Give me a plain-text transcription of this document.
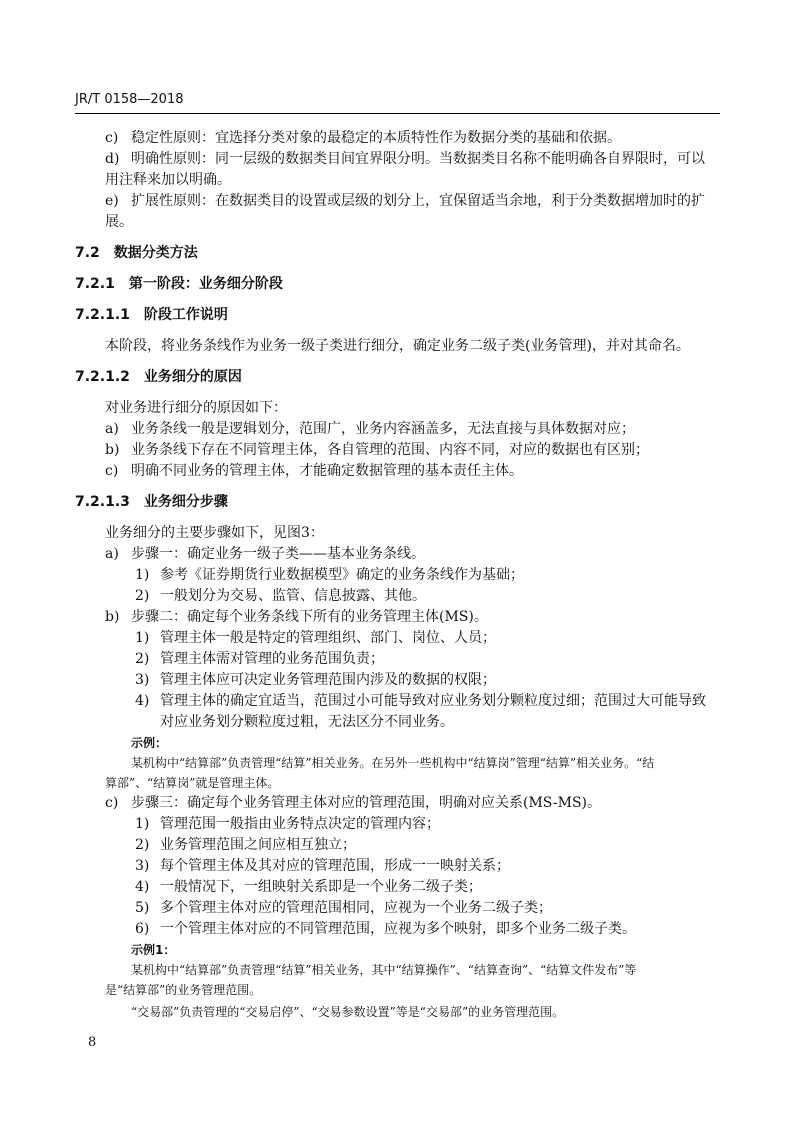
JR/T 0158—2018
c) 稳定性原则：宜选择分类对象的最稳定的本质特性作为数据分类的基础和依据。
d) 明确性原则：同一层级的数据类目间宜界限分明。当数据类目名称不能明确各自界限时，可以
用注释来加以明确。
e) 扩展性原则：在数据类目的设置或层级的划分上，宜保留适当余地，利于分类数据增加时的扩
展。
7.2 数据分类方法
7.2.1 第一阶段：业务细分阶段
7.2.1.1 阶段工作说明
本阶段，将业务条线作为业务一级子类进行细分，确定业务二级子类(业务管理)，并对其命名。
7.2.1.2 业务细分的原因
对业务进行细分的原因如下：
a) 业务条线一般是逻辑划分，范围广，业务内容涵盖多，无法直接与具体数据对应；
b) 业务条线下存在不同管理主体，各自管理的范围、内容不同，对应的数据也有区别；
c) 明确不同业务的管理主体，才能确定数据管理的基本责任主体。
7.2.1.3 业务细分步骤
业务细分的主要步骤如下，见图3：
a) 步骤一：确定业务一级子类——基本业务条线。
1) 参考《证券期货行业数据模型》确定的业务条线作为基础；
2) 一般划分为交易、监管、信息披露、其他。
b) 步骤二：确定每个业务条线下所有的业务管理主体(MS)。
1) 管理主体一般是特定的管理组织、部门、岗位、人员；
2) 管理主体需对管理的业务范围负责；
3) 管理主体应可决定业务管理范围内涉及的数据的权限；
4) 管理主体的确定宜适当，范围过小可能导致对应业务划分颗粒度过细；范围过大可能导致
对应业务划分颗粒度过粗，无法区分不同业务。
示例：
某机构中“结算部”负责管理“结算”相关业务。在另外一些机构中“结算岗”管理“结算”相关业务。“结
算部”、“结算岗”就是管理主体。
c) 步骤三：确定每个业务管理主体对应的管理范围，明确对应关系(MS-MS)。
1) 管理范围一般指由业务特点决定的管理内容；
2) 业务管理范围之间应相互独立；
3) 每个管理主体及其对应的管理范围，形成一一映射关系；
4) 一般情况下，一组映射关系即是一个业务二级子类；
5) 多个管理主体对应的管理范围相同，应视为一个业务二级子类；
6) 一个管理主体对应的不同管理范围，应视为多个映射，即多个业务二级子类。
示例1：
某机构中“结算部”负责管理“结算”相关业务，其中“结算操作”、“结算查询”、“结算文件发布”等
是“结算部”的业务管理范围。
“交易部”负责管理的“交易启停”、“交易参数设置”等是“交易部”的业务管理范围。
8
